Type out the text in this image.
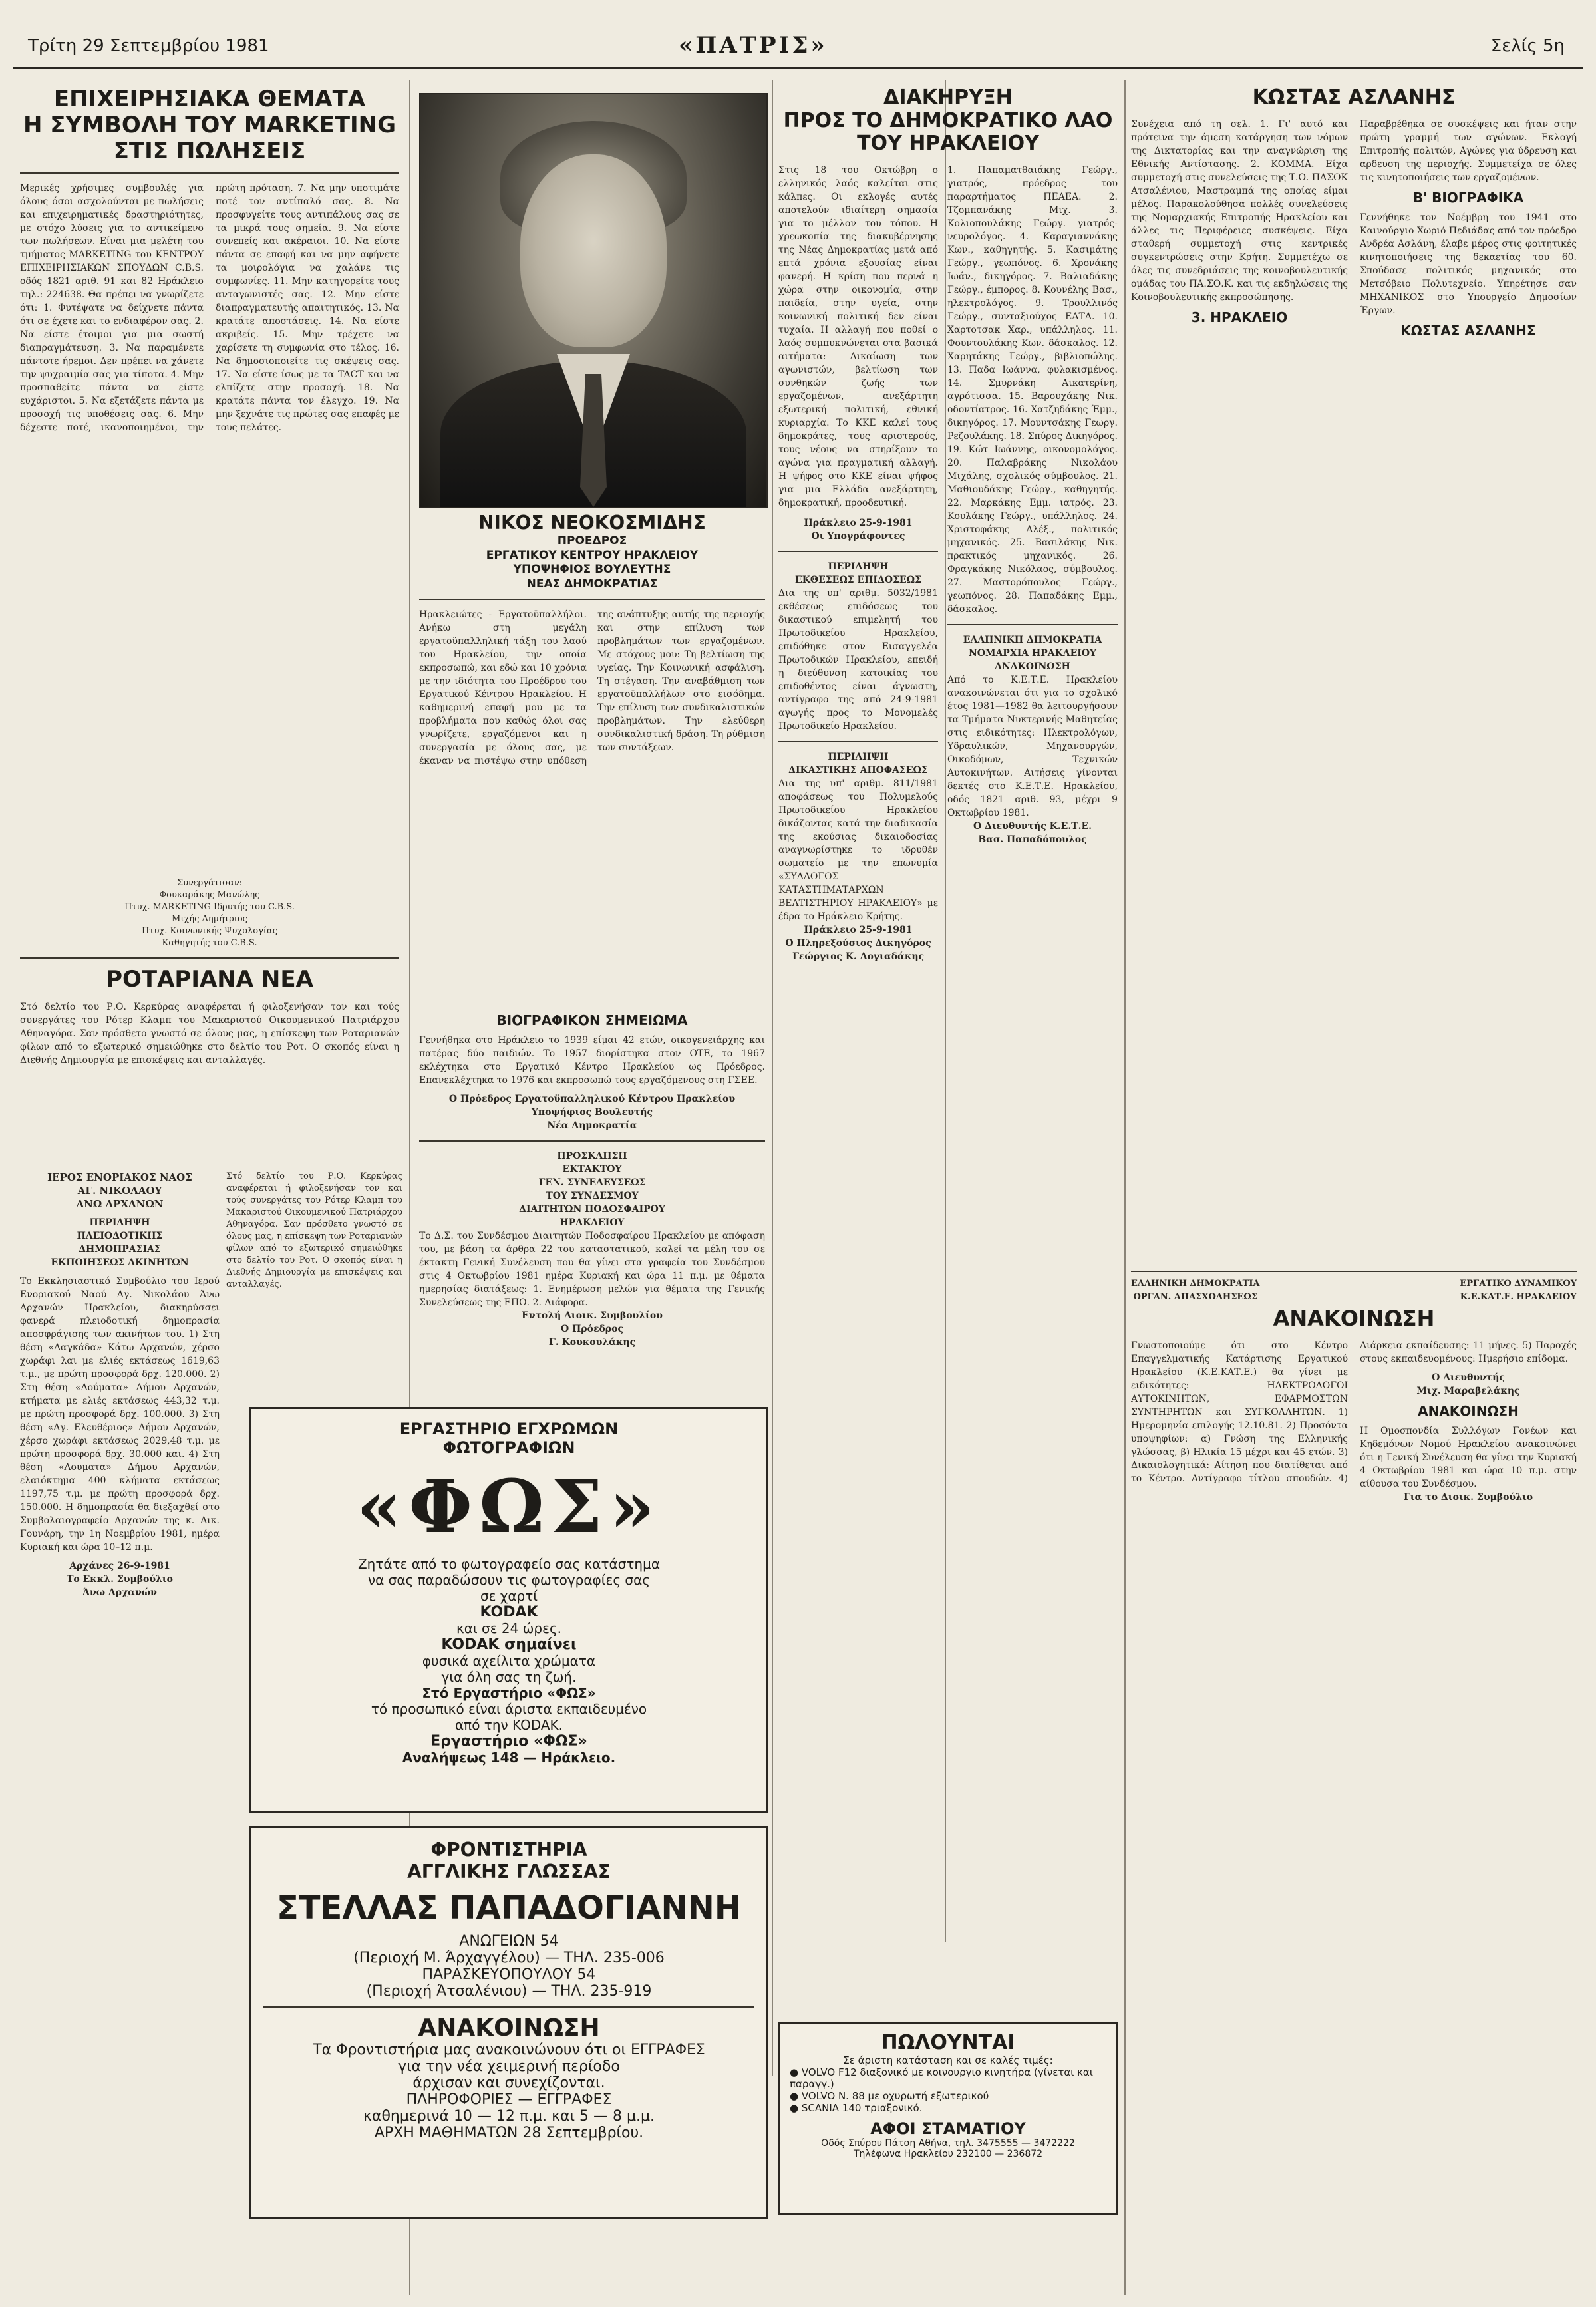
Τρίτη 29 Σεπτεμβρίου 1981	«ΠΑΤΡΙΣ»	Σελίς 5η
ΕΠΙΧΕΙΡΗΣΙΑΚΑ ΘΕΜΑΤΑ
Η ΣΥΜΒΟΛΗ ΤΟΥ MARKETING ΣΤΙΣ ΠΩΛΗΣΕΙΣ

Μερικές χρήσιμες συμβουλές για όλους όσοι ασχολούνται με πωλήσεις και επιχειρηματικές δραστηριότητες, με στόχο λύσεις για το αντικείμενο των πωλήσεων. Είναι μια μελέτη του τμήματος MARKETING του ΚΕΝΤΡΟΥ ΕΠΙΧΕΙΡΗΣΙΑΚΩΝ ΣΠΟΥΔΩΝ C.B.S. οδός 1821 αριθ. 91 και 82 Ηράκλειο τηλ.: 224638. Θα πρέπει να γνωρίζετε ότι: 1. Φυτέψατε να δείχνετε πάντα ότι σε έχετε και το ενδιαφέρον σας. 2. Να είστε έτοιμοι για μια σωστή διαπραγμάτευση. 3. Να παραμένετε πάντοτε ήρεμοι. Δεν πρέπει να χάνετε την ψυχραιμία σας για τίποτα. 4. Μην προσπαθείτε πάντα να είστε ευχάριστοι. 5. Να εξετάζετε πάντα με προσοχή τις υποθέσεις σας. 6. Μην δέχεστε ποτέ, ικανοποιημένοι, την πρώτη πρόταση. 7. Να μην υποτιμάτε ποτέ τον αντίπαλό σας. 8. Να προσφυγείτε τους αντιπάλους σας σε τα μικρά τους σημεία. 9. Να είστε συνεπείς και ακέραιοι. 10. Να είστε πάντα σε επαφή και να μην αφήνετε τα μοιρολόγια να χαλάνε τις συμφωνίες. 11. Μην κατηγορείτε τους ανταγωνιστές σας. 12. Μην είστε διαπραγματευτής απαιτητικός. 13. Να κρατάτε αποστάσεις. 14. Να είστε ακριβείς. 15. Μην τρέχετε να χαρίσετε τη συμφωνία στο τέλος. 16. Να δημοσιοποιείτε τις σκέψεις σας. 17. Να είστε ίσως με τα TACT και να ελπίζετε στην προσοχή. 18. Να κρατάτε πάντα τον έλεγχο. 19. Να μην ξεχνάτε τις πρώτες σας επαφές με τους πελάτες.

Συνεργάτισαν:
Φουκαράκης Μανώλης
Πτυχ. MARKETING Ιδρυτής του C.B.S.
Μιχής Δημήτριος
Πτυχ. Κοινωνικής Ψυχολογίας
Καθηγητής του C.B.S.

ΡΟΤΑΡΙΑΝΑ ΝΕΑ

Στό δελτίο του Ρ.Ο. Κερκύρας αναφέρεται ή φιλοξενήσαν τον και τούς συνεργάτες του Ρότερ Κλαμπ του Μακαριστού Οικουμενικού Πατριάρχου Αθηναγόρα. Σαν πρόσθετο γνωστό σε όλους μας, η επίσκεψη των Ροταριανών φίλων από το εξωτερικό σημειώθηκε στο δελτίο του Ροτ. Ο σκοπός είναι η Διεθνής Δημιουργία με επισκέψεις και ανταλλαγές.

ΙΕΡΟΣ ΕΝΟΡΙΑΚΟΣ ΝΑΟΣ
ΑΓ. ΝΙΚΟΛΑΟΥ
ΑΝΩ ΑΡΧΑΝΩΝ

ΠΕΡΙΛΗΨΗ
ΠΛΕΙΟΔΟΤΙΚΗΣ
ΔΗΜΟΠΡΑΣΙΑΣ
ΕΚΠΟΙΗΣΕΩΣ ΑΚΙΝΗΤΩΝ

Το Εκκλησιαστικό Συμβούλιο του Ιερού Ενοριακού Ναού Αγ. Νικολάου Άνω Αρχανών Ηρακλείου, διακηρύσσει φανερά πλειοδοτική δημοπρασία αποσφράγισης των ακινήτων του. 1) Στη θέση «Λαγκάδα» Κάτω Αρχανών, χέρσο χωράφι λαι με ελιές εκτάσεως 1619,63 τ.μ., με πρώτη προσφορά δρχ. 120.000. 2) Στη θέση «Λούματα» Δήμου Αρχανών, κτήματα με ελιές εκτάσεως 443,32 τ.μ. με πρώτη προσφορά δρχ. 100.000. 3) Στη θέση «Αγ. Ελευθέριος» Δήμου Αρχανών, χέρσο χωράφι εκτάσεως 2029,48 τ.μ. με πρώτη προσφορά δρχ. 30.000 και. 4) Στη θέση «Λουματα» Δήμου Αρχανών, ελαιόκτημα 400 κλήματα εκτάσεως 1197,75 τ.μ. με πρώτη προσφορά δρχ. 150.000. Η δημοπρασία θα διεξαχθεί στο Συμβολαιογραφείο Αρχανών της κ. Αικ. Γουνάρη, την 1η Νοεμβρίου 1981, ημέρα Κυριακή και ώρα 10–12 π.μ.

Αρχάνες 26-9-1981
Το Εκκλ. Συμβούλιο
Άνω Αρχανών

Στό δελτίο του Ρ.Ο. Κερκύρας αναφέρεται ή φιλοξενήσαν τον και τούς συνεργάτες του Ρότερ Κλαμπ του Μακαριστού Οικουμενικού Πατριάρχου Αθηναγόρα. Σαν πρόσθετο γνωστό σε όλους μας, η επίσκεψη των Ροταριανών φίλων από το εξωτερικό σημειώθηκε στο δελτίο του Ροτ. Ο σκοπός είναι η Διεθνής Δημιουργία με επισκέψεις και ανταλλαγές.

ΕΡΓΑΣΤΗΡΙΟ ΕΓΧΡΩΜΩΝ
ΦΩΤΟΓΡΑΦΙΩΝ
«ΦΩΣ»
Ζητάτε από το φωτογραφείο σας κατάστημα
να σας παραδώσουν τις φωτογραφίες σας
σε χαρτί
KODAK
και σε 24 ώρες.
KODAK σημαίνει
φυσικά αχείλιτα χρώματα
για όλη σας τη ζωή.
Στό Εργαστήριο «ΦΩΣ»
τό προσωπικό είναι άριστα εκπαιδευμένο
από την KODAK.
Εργαστήριο «ΦΩΣ»
Αναλήψεως 148 — Ηράκλειο.
ΦΡΟΝΤΙΣΤΗΡΙΑ
ΑΓΓΛΙΚΗΣ ΓΛΩΣΣΑΣ
ΣΤΕΛΛΑΣ ΠΑΠΑΔΟΓΙΑΝΝΗ
ΑΝΩΓΕΙΩΝ 54
(Περιοχή Μ. Άρχαγγέλου) — ΤΗΛ. 235-006
ΠΑΡΑΣΚΕΥΟΠΟΥΛΟΥ 54
(Περιοχή Άτσαλένιου) — ΤΗΛ. 235-919
ΑΝΑΚΟΙΝΩΣΗ
Τα Φροντιστήρια μας ανακοινώνουν ότι οι ΕΓΓΡΑΦΕΣ
για την νέα χειμερινή περίοδο
άρχισαν και συνεχίζονται.
ΠΛΗΡΟΦΟΡΙΕΣ — ΕΓΓΡΑΦΕΣ
καθημερινά 10 — 12 π.μ. και 5 — 8 μ.μ.
ΑΡΧΗ ΜΑΘΗΜΑΤΩΝ 28 Σεπτεμβρίου.
ΝΙΚΟΣ ΝΕΟΚΟΣΜΙΔΗΣ
ΠΡΟΕΔΡΟΣ
ΕΡΓΑΤΙΚΟΥ ΚΕΝΤΡΟΥ ΗΡΑΚΛΕΙΟΥ
ΥΠΟΨΗΦΙΟΣ ΒΟΥΛΕΥΤΗΣ
ΝΕΑΣ ΔΗΜΟΚΡΑΤΙΑΣ

Ηρακλειώτες - Εργατοϋπαλλήλοι. Ανήκω στη μεγάλη εργατοϋπαλληλική τάξη του λαού του Ηρακλείου, την οποία εκπροσωπώ, και εδώ και 10 χρόνια με την ιδιότητα του Προέδρου του Εργατικού Κέντρου Ηρακλείου. Η καθημερινή επαφή μου με τα προβλήματα που καθώς όλοι σας γνωρίζετε, εργαζόμενοι και η συνεργασία με όλους σας, με έκαναν να πιστέψω στην υπόθεση της ανάπτυξης αυτής της περιοχής και στην επίλυση των προβλημάτων των εργαζομένων. Με στόχους μου: Τη βελτίωση της υγείας. Την Κοινωνική ασφάλιση. Τη στέγαση. Την αναβάθμιση των εργατοϋπαλλήλων στο εισόδημα. Την επίλυση των συνδικαλιστικών προβλημάτων. Την ελεύθερη συνδικαλιστική δράση. Τη ρύθμιση των συντάξεων.

ΒΙΟΓΡΑΦΙΚΟΝ ΣΗΜΕΙΩΜΑ

Γεννήθηκα στο Ηράκλειο το 1939 είμαι 42 ετών, οικογενειάρχης και πατέρας δύο παιδιών. Το 1957 διορίστηκα στον ΟΤΕ, το 1967 εκλέχτηκα στο Εργατικό Κέντρο Ηρακλείου ως Πρόεδρος. Επανεκλέχτηκα το 1976 και εκπροσωπώ τους εργαζόμενους στη ΓΣΕΕ.

Ο Πρόεδρος Εργατοϋπαλληλικού Κέντρου Ηρακλείου
Υποψήφιος Βουλευτής
Νέα Δημοκρατία

ΠΡΟΣΚΛΗΣΗ
ΕΚΤΑΚΤΟΥ
ΓΕΝ. ΣΥΝΕΛΕΥΣΕΩΣ
ΤΟΥ ΣΥΝΔΕΣΜΟΥ
ΔΙΑΙΤΗΤΩΝ ΠΟΔΟΣΦΑΙΡΟΥ
ΗΡΑΚΛΕΙΟΥ

Το Δ.Σ. του Συνδέσμου Διαιτητών Ποδοσφαίρου Ηρακλείου με απόφαση του, με βάση τα άρθρα 22 του καταστατικού, καλεί τα μέλη του σε έκτακτη Γενική Συνέλευση που θα γίνει στα γραφεία του Συνδέσμου στις 4 Οκτωβρίου 1981 ημέρα Κυριακή και ώρα 11 π.μ. με θέματα ημερησίας διατάξεως: 1. Ενημέρωση μελών για θέματα της Γενικής Συνελεύσεως της ΕΠΟ. 2. Διάφορα.

Εντολή Διοικ. Συμβουλίου
Ο Πρόεδρος
Γ. Κουκουλάκης

ΔΙΑΚΗΡΥΞΗ
ΠΡΟΣ ΤΟ ΔΗΜΟΚΡΑΤΙΚΟ ΛΑΟ
ΤΟΥ ΗΡΑΚΛΕΙΟΥ

Στις 18 του Οκτώβρη ο ελληνικός λαός καλείται στις κάλπες. Οι εκλογές αυτές αποτελούν ιδιαίτερη σημασία για το μέλλον του τόπου. Η χρεωκοπία της διακυβέρνησης της Νέας Δημοκρατίας μετά από επτά χρόνια εξουσίας είναι φανερή. Η κρίση που περνά η χώρα στην οικονομία, στην παιδεία, στην υγεία, στην κοινωνική πολιτική δεν είναι τυχαία. Η αλλαγή που ποθεί ο λαός συμπυκνώνεται στα βασικά αιτήματα: Δικαίωση των αγωνιστών, βελτίωση των συνθηκών ζωής των εργαζομένων, ανεξάρτητη εξωτερική πολιτική, εθνική κυριαρχία. Το ΚΚΕ καλεί τους δημοκράτες, τους αριστερούς, τους νέους να στηρίξουν το αγώνα για πραγματική αλλαγή. Η ψήφος στο ΚΚΕ είναι ψήφος για μια Ελλάδα ανεξάρτητη, δημοκρατική, προοδευτική.

Ηράκλειο 25-9-1981

Οι Υπογράφοντες

ΠΕΡΙΛΗΨΗ
ΕΚΘΕΣΕΩΣ ΕΠΙΔΟΣΕΩΣ

Δια της υπ' αριθμ. 5032/1981 εκθέσεως επιδόσεως του δικαστικού επιμελητή του Πρωτοδικείου Ηρακλείου, επιδόθηκε στον Εισαγγελέα Πρωτοδικών Ηρακλείου, επειδή η διεύθυνση κατοικίας του επιδοθέντος είναι άγνωστη, αντίγραφο της από 24-9-1981 αγωγής προς το Μονομελές Πρωτοδικείο Ηρακλείου.

ΠΕΡΙΛΗΨΗ
ΔΙΚΑΣΤΙΚΗΣ ΑΠΟΦΑΣΕΩΣ

Δια της υπ' αριθμ. 811/1981 αποφάσεως του Πολυμελούς Πρωτοδικείου Ηρακλείου δικάζοντας κατά την διαδικασία της εκούσιας δικαιοδοσίας αναγνωρίστηκε το ιδρυθέν σωματείο με την επωνυμία «ΣΥΛΛΟΓΟΣ ΚΑΤΑΣΤΗΜΑΤΑΡΧΩΝ ΒΕΛΤΙΣΤΗΡΙΟΥ ΗΡΑΚΛΕΙΟΥ» με έδρα το Ηράκλειο Κρήτης.

Ηράκλειο 25-9-1981
Ο Πληρεξούσιος Δικηγόρος
Γεώργιος Κ. Λογιαδάκης

1. Παπαματθαιάκης Γεώργ., γιατρός, πρόεδρος του παραρτήματος ΠΕΑΕΑ. 2. Τζομπανάκης Μιχ. 3. Κολιοπουλάκης Γεώργ. γιατρός-νευρολόγος. 4. Καραγιαννάκης Κων., καθηγητής. 5. Κασιμάτης Γεώργ., γεωπόνος. 6. Χρονάκης Ιωάν., δικηγόρος. 7. Βαλιαδάκης Γεώργ., έμπορος. 8. Κουνέλης Βασ., ηλεκτρολόγος. 9. Τρουλλινός Γεώργ., συνταξιούχος ΕΑΤΑ. 10. Χαρτοτσακ Χαρ., υπάλληλος. 11. Φουντουλάκης Κων. δάσκαλος. 12. Χαρητάκης Γεώργ., βιβλιοπώλης. 13. Παδα Ιωάννα, φυλακισμένος. 14. Σμυρνάκη Αικατερίνη, αγρότισσα. 15. Βαρουχάκης Νικ. οδοντίατρος. 16. Χατζηδάκης Έμμ., δικηγόρος. 17. Μουντσάκης Γεωργ. Ρεζουλάκης. 18. Σπύρος Δικηγόρος. 19. Κώτ Ιωάννης, οικονομολόγος. 20. Παλαβράκης Νικολάου Μιχάλης, σχολικός σύμβουλος. 21. Μαθιουδάκης Γεώργ., καθηγητής. 22. Μαρκάκης Εμμ. ιατρός. 23. Κουλάκης Γεώργ., υπάλληλος. 24. Χριστοφάκης Αλέξ., πολιτικός μηχανικός. 25. Βασιλάκης Νικ. πρακτικός μηχανικός. 26. Φραγκάκης Νικόλαος, σύμβουλος. 27. Μαστορόπουλος Γεώργ., γεωπόνος. 28. Παπαδάκης Εμμ., δάσκαλος.

ΕΛΛΗΝΙΚΗ ΔΗΜΟΚΡΑΤΙΑ
ΝΟΜΑΡΧΙΑ ΗΡΑΚΛΕΙΟΥ
ΑΝΑΚΟΙΝΩΣΗ

Από το Κ.Ε.Τ.Ε. Ηρακλείου ανακοινώνεται ότι για το σχολικό έτος 1981—1982 θα λειτουργήσουν τα Τμήματα Νυκτερινής Μαθητείας στις ειδικότητες: Ηλεκτρολόγων, Υδραυλικών, Μηχανουργών, Οικοδόμων, Τεχνικών Αυτοκινήτων. Αιτήσεις γίνονται δεκτές στο Κ.Ε.Τ.Ε. Ηρακλείου, οδός 1821 αριθ. 93, μέχρι 9 Οκτωβρίου 1981.

Ο Διευθυντής Κ.Ε.Τ.Ε.
Βασ. Παπαδόπουλος

ΠΩΛΟΥΝΤΑΙ
Σε άριστη κατάσταση και σε καλές τιμές:
● VOLVO F12 διαξονικό με κοινουργιο κινητήρα (γίνεται και παραγγ.)
● VOLVO N. 88 με οχυρωτή εξωτερικού
● SCANIA 140 τριαξονικό.
ΑΦΟΙ ΣΤΑΜΑΤΙΟΥ
Οδός Σπύρου Πάτση Αθήνα, τηλ. 3475555 — 3472222
Τηλέφωνα Ηρακλείου 232100 — 236872
ΚΩΣΤΑΣ ΑΣΛΑΝΗΣ

Συνέχεια από τη σελ. 1. Γι' αυτό και πρότεινα την άμεση κατάργηση των νόμων της Δικτατορίας και την αναγνώριση της Εθνικής Αντίστασης. 2. ΚΟΜΜΑ. Είχα συμμετοχή στις συνελεύσεις της Τ.Ο. ΠΑΣΟΚ Ατσαλένιου, Μαστραμπά της οποίας είμαι μέλος. Παρακολούθησα πολλές συνελεύσεις της Νομαρχιακής Επιτροπής Ηρακλείου και άλλες τις Περιφέρειες συσκέψεις. Είχα σταθερή συμμετοχή στις κεντρικές συγκεντρώσεις στην Κρήτη. Συμμετέχω σε όλες τις συνεδριάσεις της κοινοβουλευτικής ομάδας του ΠΑ.ΣΟ.Κ. και τις εκδηλώσεις της Κοινοβουλευτικής εκπροσώπησης.

3. ΗΡΑΚΛΕΙΟ

Παραβρέθηκα σε συσκέψεις και ήταν στην πρώτη γραμμή των αγώνων. Εκλογή Επιτροπής πολιτών, Αγώνες για ύδρευση και αρδευση της περιοχής. Συμμετείχα σε όλες τις κινητοποιήσεις των εργαζομένων.

Β' ΒΙΟΓΡΑΦΙΚΑ

Γεννήθηκε τον Νοέμβρη του 1941 στο Καινούργιο Χωριό Πεδιάδας από τον πρόεδρο Ανδρέα Ασλάνη, έλαβε μέρος στις φοιτητικές κινητοποιήσεις της δεκαετίας του 60. Σπούδασε πολιτικός μηχανικός στο Μετσόβειο Πολυτεχνείο. Υπηρέτησε σαν ΜΗΧΑΝΙΚΟΣ στο Υπουργείο Δημοσίων Έργων.

ΚΩΣΤΑΣ ΑΣΛΑΝΗΣ

ΕΛΛΗΝΙΚΗ ΔΗΜΟΚΡΑΤΙΑ
ΟΡΓΑΝ. ΑΠΑΣΧΟΛΗΣΕΩΣ

ΕΡΓΑΤΙΚΟ ΔΥΝΑΜΙΚΟΥ
Κ.Ε.ΚΑΤ.Ε. ΗΡΑΚΛΕΙΟΥ

ΑΝΑΚΟΙΝΩΣΗ

Γνωστοποιούμε ότι στο Κέντρο Επαγγελματικής Κατάρτισης Εργατικού Ηρακλείου (Κ.Ε.ΚΑΤ.Ε.) θα γίνει με ειδικότητες: ΗΛΕΚΤΡΟΛΟΓΟΙ ΑΥΤΟΚΙΝΗΤΩΝ, ΕΦΑΡΜΟΣΤΩΝ ΣΥΝΤΗΡΗΤΩΝ και ΣΥΓΚΟΛΛΗΤΩΝ. 1) Ημερομηνία επιλογής 12.10.81. 2) Προσόντα υποψηφίων: α) Γνώση της Ελληνικής γλώσσας, β) Ηλικία 15 μέχρι και 45 ετών. 3) Δικαιολογητικά: Αίτηση που διατίθεται από το Κέντρο. Αντίγραφο τίτλου σπουδών. 4) Διάρκεια εκπαίδευσης: 11 μήνες. 5) Παροχές στους εκπαιδευομένους: Ημερήσιο επίδομα.

Ο Διευθυντής
Μιχ. Μαραβελάκης

ΑΝΑΚΟΙΝΩΣΗ

Η Ομοσπονδία Συλλόγων Γονέων και Κηδεμόνων Νομού Ηρακλείου ανακοινώνει ότι η Γενική Συνέλευση θα γίνει την Κυριακή 4 Οκτωβρίου 1981 και ώρα 10 π.μ. στην αίθουσα του Συνδέσμου.

Για το Διοικ. Συμβούλιο
